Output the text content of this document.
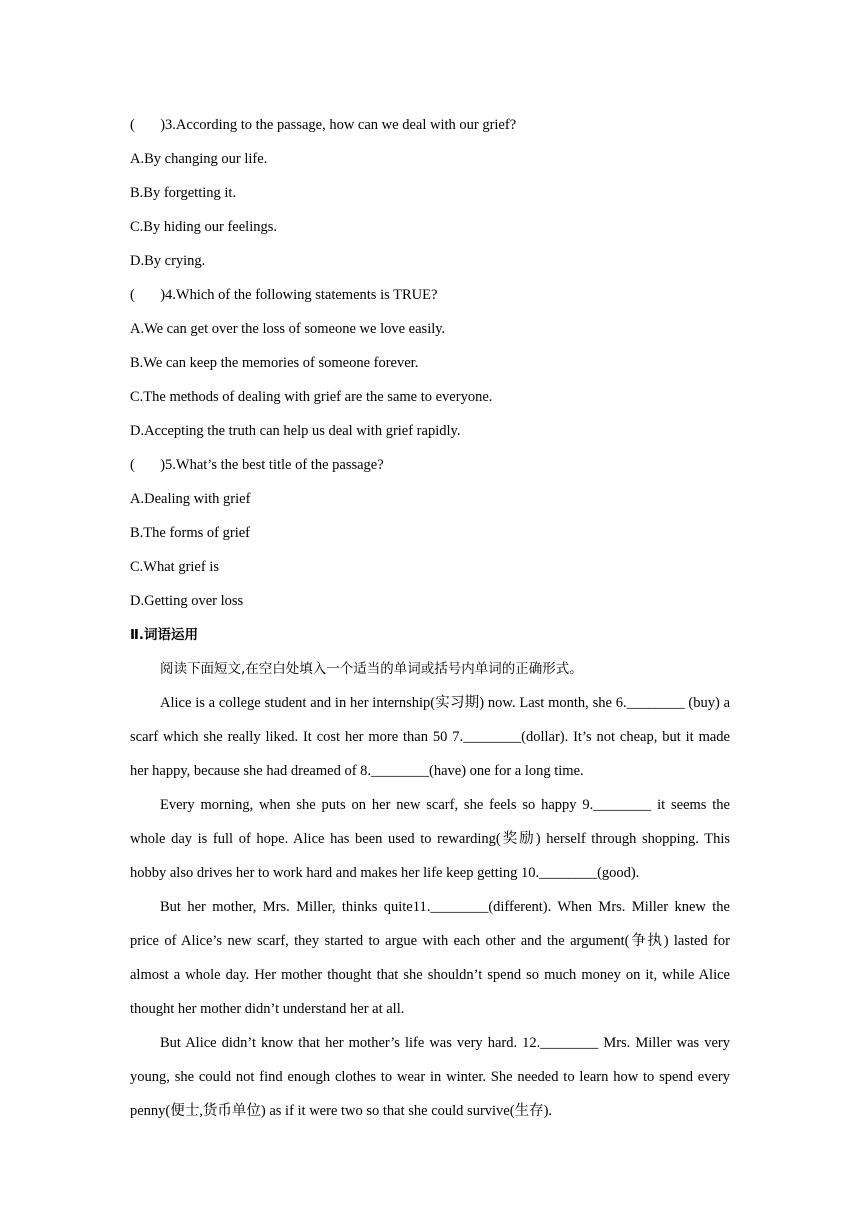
(       )3.According to the passage, how can we deal with our grief?
A.By changing our life.
B.By forgetting it.
C.By hiding our feelings.
D.By crying.
(       )4.Which of the following statements is TRUE?
A.We can get over the loss of someone we love easily.
B.We can keep the memories of someone forever.
C.The methods of dealing with grief are the same to everyone.
D.Accepting the truth can help us deal with grief rapidly.
(       )5.What’s the best title of the passage?
A.Dealing with grief
B.The forms of grief
C.What grief is
D.Getting over loss
Ⅱ.词语运用
阅读下面短文,在空白处填入一个适当的单词或括号内单词的正确形式。

Alice is a college student and in her internship(实习期) now. Last month, she 6.________ (buy) a scarf which she really liked. It cost her more than 50 7.________(dollar). It’s not cheap, but it made her happy, because she had dreamed of 8.________(have) one for a long time.

Every morning, when she puts on her new scarf, she feels so happy 9.________ it seems the whole day is full of hope. Alice has been used to rewarding(奖励) herself through shopping. This hobby also drives her to work hard and makes her life keep getting 10.________(good).

But her mother, Mrs. Miller, thinks quite11.________(different). When Mrs. Miller knew the price of Alice’s new scarf, they started to argue with each other and the argument(争执) lasted for almost a whole day. Her mother thought that she shouldn’t spend so much money on it, while Alice thought her mother didn’t understand her at all.

But Alice didn’t know that her mother’s life was very hard. 12.________ Mrs. Miller was very young, she could not find enough clothes to wear in winter. She needed to learn how to spend every penny(便士,货币单位) as if it were two so that she could survive(生存).
